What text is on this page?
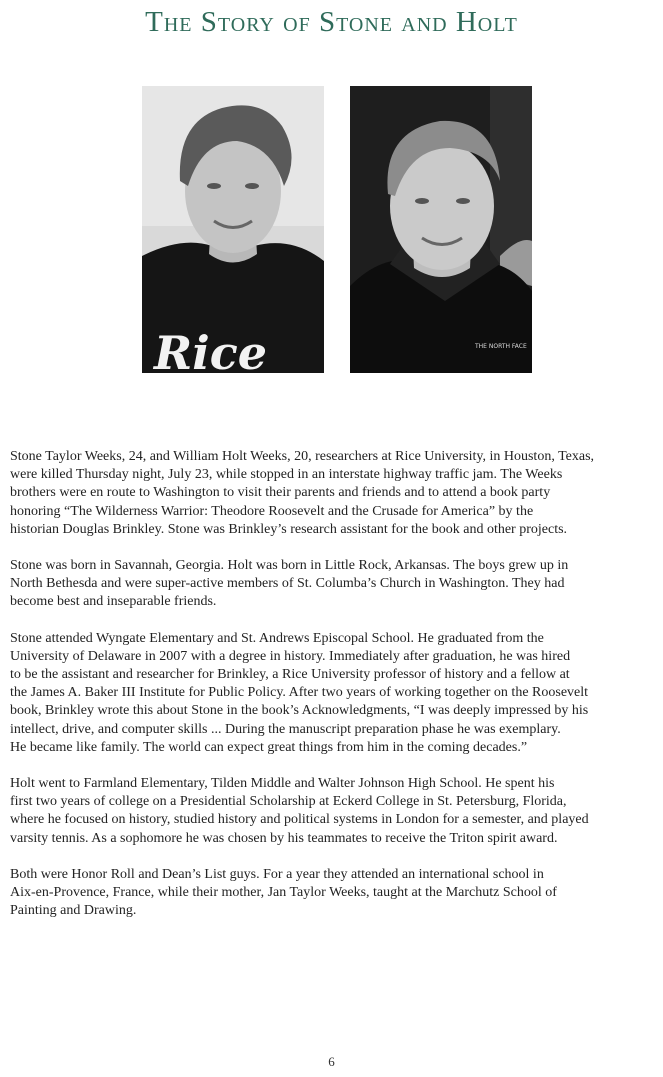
The Story of Stone and Holt
Rice	THE NORTH FACE

Stone Taylor Weeks, 24, and William Holt Weeks, 20, researchers at Rice University, in Houston, Texas,
were killed Thursday night, July 23, while stopped in an interstate highway traffic jam. The Weeks
brothers were en route to Washington to visit their parents and friends and to attend a book party
honoring “The Wilderness Warrior: Theodore Roosevelt and the Crusade for America” by the
historian Douglas Brinkley. Stone was Brinkley’s research assistant for the book and other projects.

Stone was born in Savannah, Georgia. Holt was born in Little Rock, Arkansas. The boys grew up in
North Bethesda and were super-active members of St. Columba’s Church in Washington. They had
become best and inseparable friends.

Stone attended Wyngate Elementary and St. Andrews Episcopal School. He graduated from the
University of Delaware in 2007 with a degree in history. Immediately after graduation, he was hired
to be the assistant and researcher for Brinkley, a Rice University professor of history and a fellow at
the James A. Baker III Institute for Public Policy. After two years of working together on the Roosevelt
book, Brinkley wrote this about Stone in the book’s Acknowledgments, “I was deeply impressed by his
intellect, drive, and computer skills ... During the manuscript preparation phase he was exemplary.
He became like family. The world can expect great things from him in the coming decades.”

Holt went to Farmland Elementary, Tilden Middle and Walter Johnson High School. He spent his
first two years of college on a Presidential Scholarship at Eckerd College in St. Petersburg, Florida,
where he focused on history, studied history and political systems in London for a semester, and played
varsity tennis. As a sophomore he was chosen by his teammates to receive the Triton spirit award.

Both were Honor Roll and Dean’s List guys. For a year they attended an international school in
Aix-en-Provence, France, while their mother, Jan Taylor Weeks, taught at the Marchutz School of
Painting and Drawing.

6
